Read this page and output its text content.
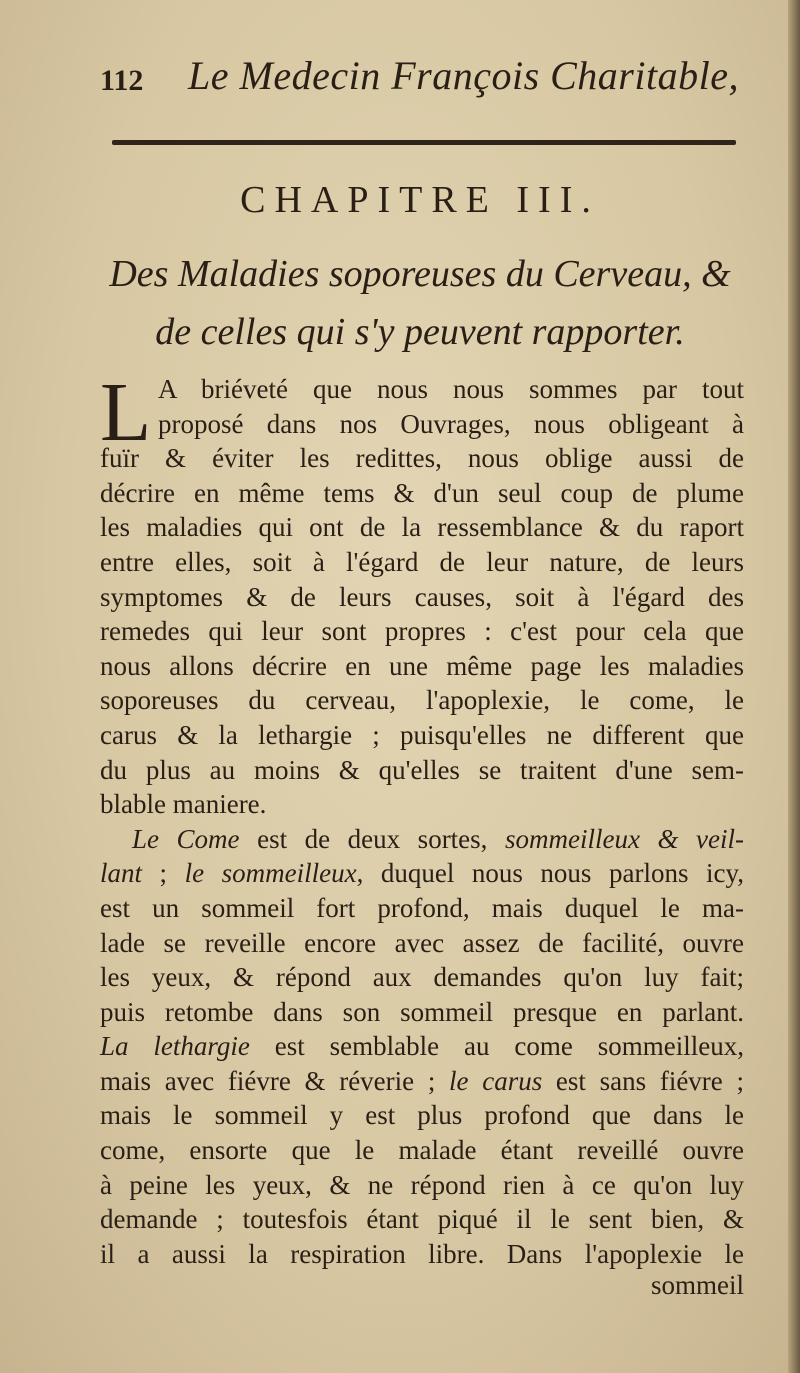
112 Le Medecin François Charitable,
CHAPITRE III.
Des Maladies soporeuses du Cerveau, &
de celles qui s'y peuvent rapporter.
L A briéveté que nous nous sommes par tout
proposé dans nos Ouvrages, nous obligeant à
fuïr & éviter les redittes, nous oblige aussi de
décrire en même tems & d'un seul coup de plume
les maladies qui ont de la ressemblance & du raport
entre elles, soit à l'égard de leur nature, de leurs
symptomes & de leurs causes, soit à l'égard des
remedes qui leur sont propres : c'est pour cela que
nous allons décrire en une même page les maladies
soporeuses du cerveau, l'apoplexie, le come, le
carus & la lethargie ; puisqu'elles ne different que
du plus au moins & qu'elles se traitent d'une sem-
blable maniere.
Le Come est de deux sortes, sommeilleux & veil-
lant ; le sommeilleux, duquel nous nous parlons icy,
est un sommeil fort profond, mais duquel le ma-
lade se reveille encore avec assez de facilité, ouvre
les yeux, & répond aux demandes qu'on luy fait;
puis retombe dans son sommeil presque en parlant.
La lethargie est semblable au come sommeilleux,
mais avec fiévre & réverie ; le carus est sans fiévre ;
mais le sommeil y est plus profond que dans le
come, ensorte que le malade étant reveillé ouvre
à peine les yeux, & ne répond rien à ce qu'on luy
demande ; toutesfois étant piqué il le sent bien, &
il a aussi la respiration libre. Dans l'apoplexie le
sommeil
